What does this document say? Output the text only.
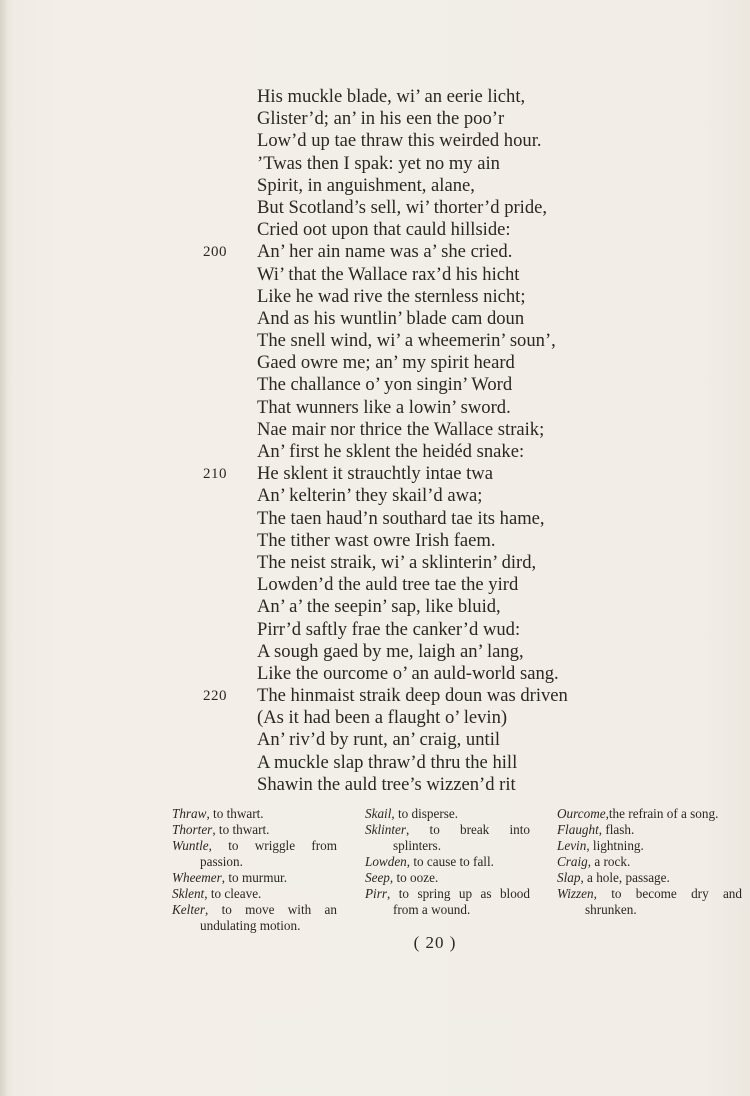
His muckle blade, wi’ an eerie licht,
Glister’d; an’ in his een the poo’r
Low’d up tae thraw this weirded hour.
’Twas then I spak: yet no my ain
Spirit, in anguishment, alane,
But Scotland’s sell, wi’ thorter’d pride,
Cried oot upon that cauld hillside:
200 An’ her ain name was a’ she cried.
Wi’ that the Wallace rax’d his hicht
Like he wad rive the sternless nicht;
And as his wuntlin’ blade cam doun
The snell wind, wi’ a wheemerin’ soun’,
Gaed owre me; an’ my spirit heard
The challance o’ yon singin’ Word
That wunners like a lowin’ sword.
Nae mair nor thrice the Wallace straik;
An’ first he sklent the heidéd snake:
210 He sklent it strauchtly intae twa
An’ kelterin’ they skail’d awa;
The taen haud’n southard tae its hame,
The tither wast owre Irish faem.
The neist straik, wi’ a sklinterin’ dird,
Lowden’d the auld tree tae the yird
An’ a’ the seepin’ sap, like bluid,
Pirr’d saftly frae the canker’d wud:
A sough gaed by me, laigh an’ lang,
Like the ourcome o’ an auld-world sang.
220 The hinmaist straik deep doun was driven
(As it had been a flaught o’ levin)
An’ riv’d by runt, an’ craig, until
A muckle slap thraw’d thru the hill
Shawin the auld tree’s wizzen’d rit
Thraw, to thwart.
Thorter, to thwart.
Wuntle, to wriggle from passion.
Wheemer, to murmur.
Sklent, to cleave.
Kelter, to move with an undulating motion.
Skail, to disperse.
Sklinter, to break into splinters.
Lowden, to cause to fall.
Seep, to ooze.
Pirr, to spring up as blood from a wound.
Ourcome,the refrain of a song.
Flaught, flash.
Levin, lightning.
Craig, a rock.
Slap, a hole, passage.
Wizzen, to become dry and shrunken.
( 20 )
